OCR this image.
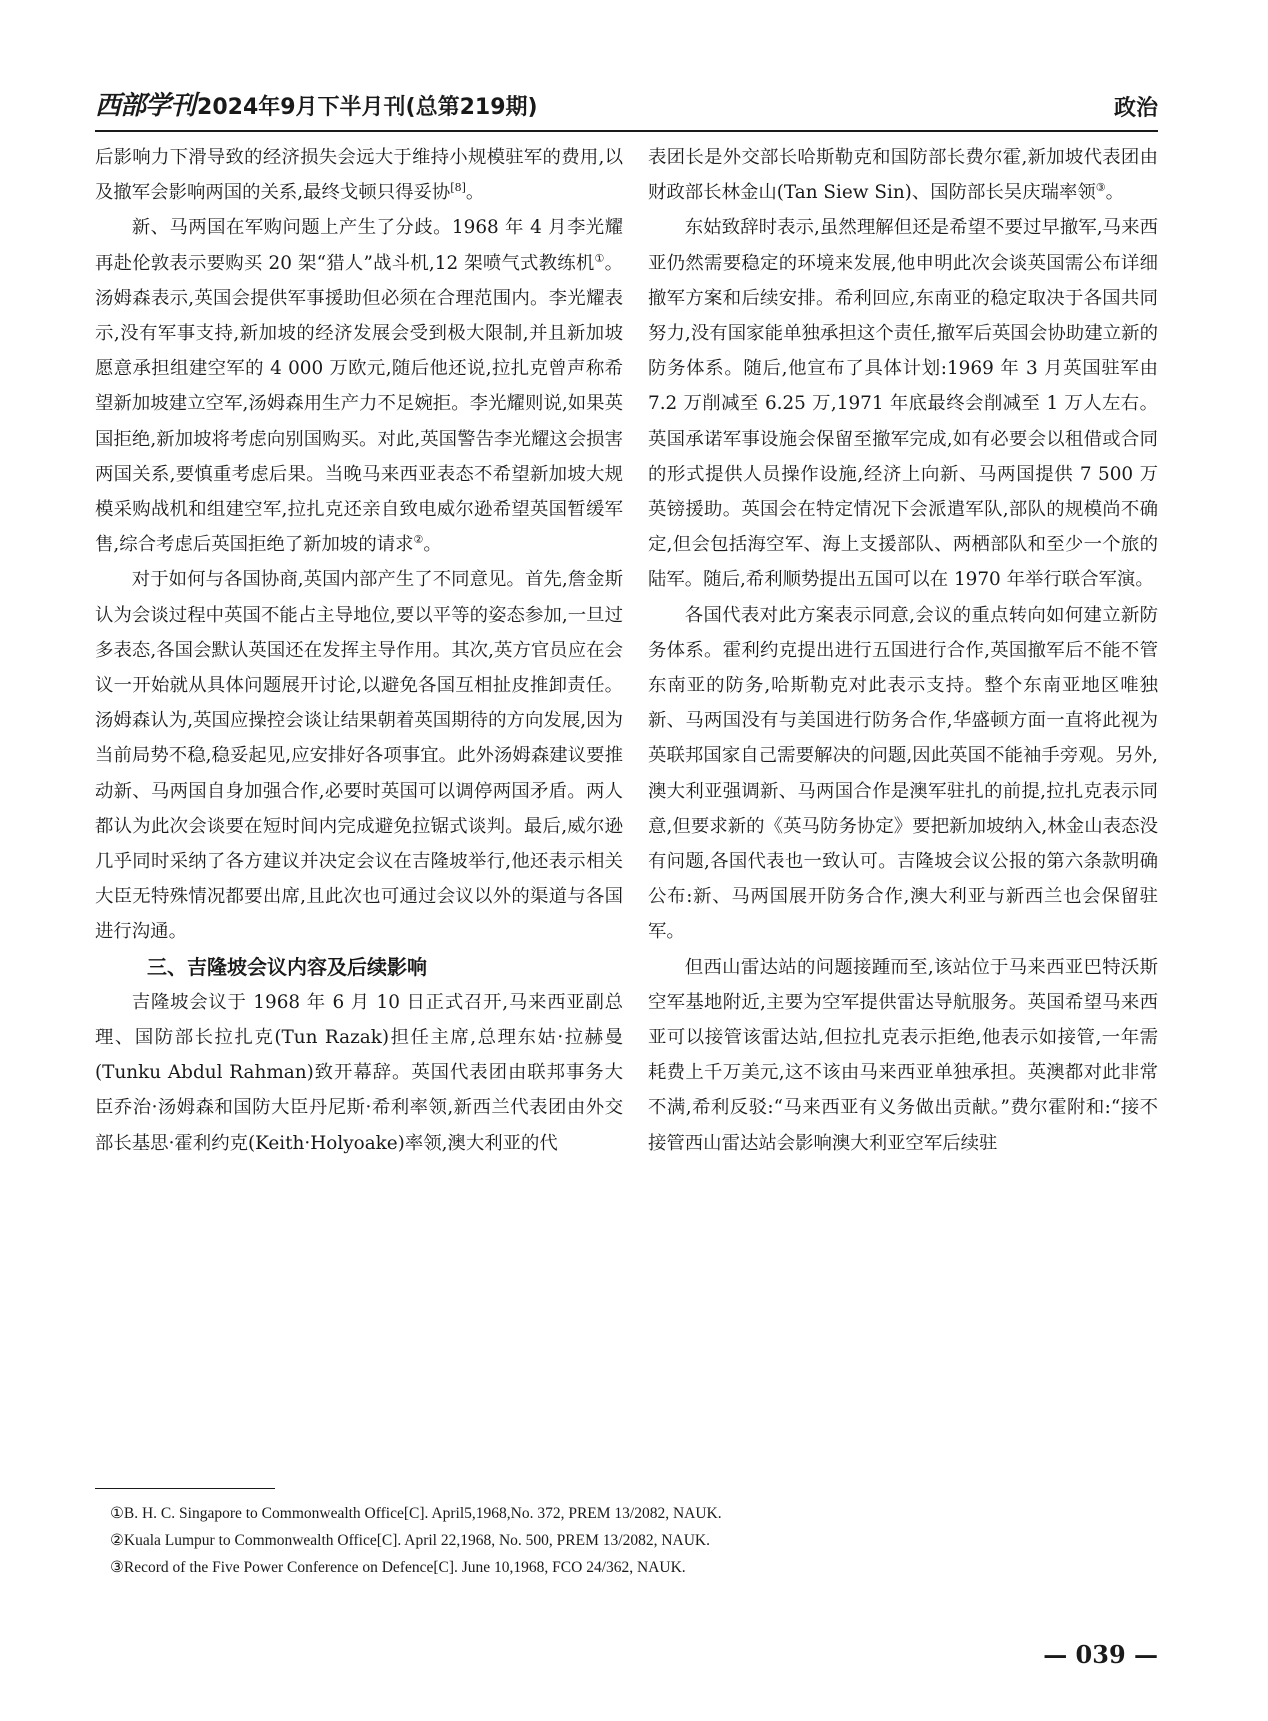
西部学刊 2024年9月下半月刊(总第219期)	政治

后影响力下滑导致的经济损失会远大于维持小规模驻军的费用,以及撤军会影响两国的关系,最终戈顿只得妥协[8]。

新、马两国在军购问题上产生了分歧。1968 年 4 月李光耀再赴伦敦表示要购买 20 架“猎人”战斗机,12 架喷气式教练机①。汤姆森表示,英国会提供军事援助但必须在合理范围内。李光耀表示,没有军事支持,新加坡的经济发展会受到极大限制,并且新加坡愿意承担组建空军的 4 000 万欧元,随后他还说,拉扎克曾声称希望新加坡建立空军,汤姆森用生产力不足婉拒。李光耀则说,如果英国拒绝,新加坡将考虑向别国购买。对此,英国警告李光耀这会损害两国关系,要慎重考虑后果。当晚马来西亚表态不希望新加坡大规模采购战机和组建空军,拉扎克还亲自致电威尔逊希望英国暂缓军售,综合考虑后英国拒绝了新加坡的请求②。

对于如何与各国协商,英国内部产生了不同意见。首先,詹金斯认为会谈过程中英国不能占主导地位,要以平等的姿态参加,一旦过多表态,各国会默认英国还在发挥主导作用。其次,英方官员应在会议一开始就从具体问题展开讨论,以避免各国互相扯皮推卸责任。汤姆森认为,英国应操控会谈让结果朝着英国期待的方向发展,因为当前局势不稳,稳妥起见,应安排好各项事宜。此外汤姆森建议要推动新、马两国自身加强合作,必要时英国可以调停两国矛盾。两人都认为此次会谈要在短时间内完成避免拉锯式谈判。最后,威尔逊几乎同时采纳了各方建议并决定会议在吉隆坡举行,他还表示相关大臣无特殊情况都要出席,且此次也可通过会议以外的渠道与各国进行沟通。

三、吉隆坡会议内容及后续影响

吉隆坡会议于 1968 年 6 月 10 日正式召开,马来西亚副总理、国防部长拉扎克(Tun Razak)担任主席,总理东姑·拉赫曼(Tunku Abdul Rahman)致开幕辞。英国代表团由联邦事务大臣乔治·汤姆森和国防大臣丹尼斯·希利率领,新西兰代表团由外交部长基思·霍利约克(Keith·Holyoake)率领,澳大利亚的代

表团长是外交部长哈斯勒克和国防部长费尔霍,新加坡代表团由财政部长林金山(Tan Siew Sin)、国防部长吴庆瑞率领③。

东姑致辞时表示,虽然理解但还是希望不要过早撤军,马来西亚仍然需要稳定的环境来发展,他申明此次会谈英国需公布详细撤军方案和后续安排。希利回应,东南亚的稳定取决于各国共同努力,没有国家能单独承担这个责任,撤军后英国会协助建立新的防务体系。随后,他宣布了具体计划:1969 年 3 月英国驻军由 7.2 万削减至 6.25 万,1971 年底最终会削减至 1 万人左右。英国承诺军事设施会保留至撤军完成,如有必要会以租借或合同的形式提供人员操作设施,经济上向新、马两国提供 7 500 万英镑援助。英国会在特定情况下会派遣军队,部队的规模尚不确定,但会包括海空军、海上支援部队、两栖部队和至少一个旅的陆军。随后,希利顺势提出五国可以在 1970 年举行联合军演。

各国代表对此方案表示同意,会议的重点转向如何建立新防务体系。霍利约克提出进行五国进行合作,英国撤军后不能不管东南亚的防务,哈斯勒克对此表示支持。整个东南亚地区唯独新、马两国没有与美国进行防务合作,华盛顿方面一直将此视为英联邦国家自己需要解决的问题,因此英国不能袖手旁观。另外,澳大利亚强调新、马两国合作是澳军驻扎的前提,拉扎克表示同意,但要求新的《英马防务协定》要把新加坡纳入,林金山表态没有问题,各国代表也一致认可。吉隆坡会议公报的第六条款明确公布:新、马两国展开防务合作,澳大利亚与新西兰也会保留驻军。

但西山雷达站的问题接踵而至,该站位于马来西亚巴特沃斯空军基地附近,主要为空军提供雷达导航服务。英国希望马来西亚可以接管该雷达站,但拉扎克表示拒绝,他表示如接管,一年需耗费上千万美元,这不该由马来西亚单独承担。英澳都对此非常不满,希利反驳:“马来西亚有义务做出贡献。”费尔霍附和:“接不接管西山雷达站会影响澳大利亚空军后续驻

①B. H. C. Singapore to Commonwealth Office[C]. April5,1968,No. 372, PREM 13/2082, NAUK.
②Kuala Lumpur to Commonwealth Office[C]. April 22,1968, No. 500, PREM 13/2082, NAUK.
③Record of the Five Power Conference on Defence[C]. June 10,1968, FCO 24/362, NAUK.
— 039 —
